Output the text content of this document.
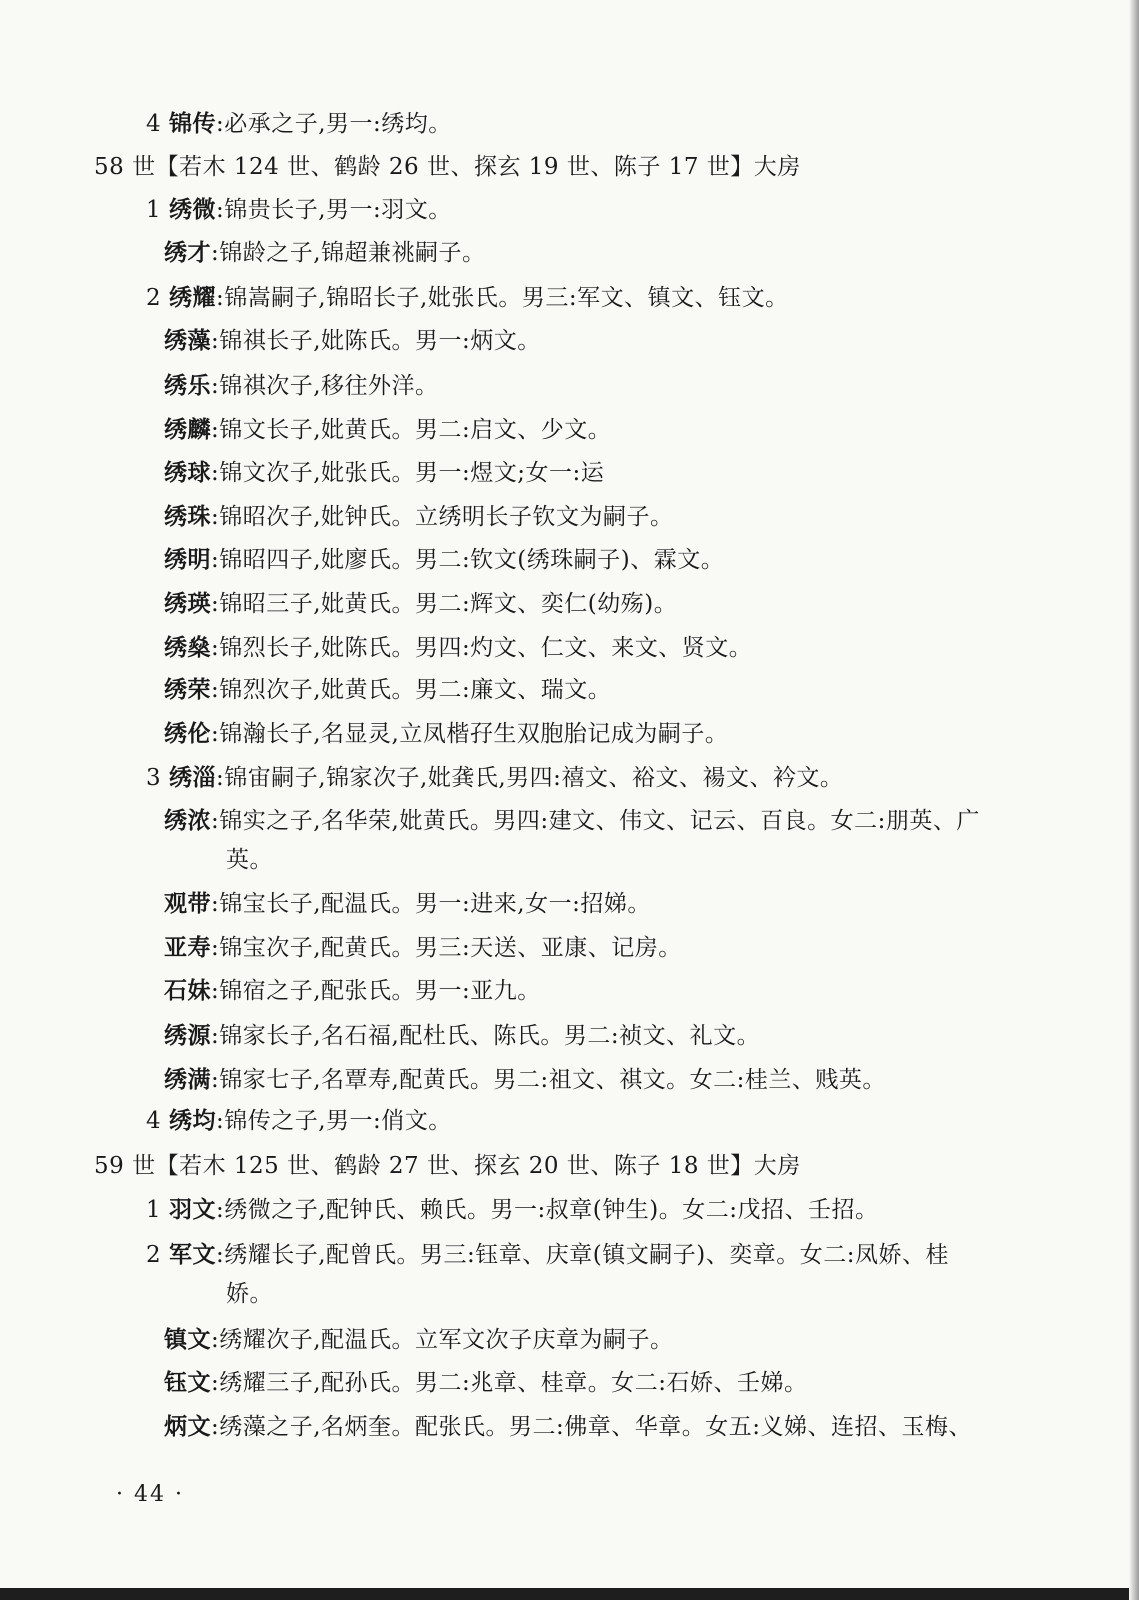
4 锦传:必承之子,男一:绣均。
58 世【若木 124 世、鹤龄 26 世、探玄 19 世、陈子 17 世】大房
1 绣微:锦贵长子,男一:羽文。
绣才:锦龄之子,锦超兼祧嗣子。
2 绣耀:锦嵩嗣子,锦昭长子,妣张氏。男三:军文、镇文、钰文。
绣藻:锦祺长子,妣陈氏。男一:炳文。
绣乐:锦祺次子,移往外洋。
绣麟:锦文长子,妣黄氏。男二:启文、少文。
绣球:锦文次子,妣张氏。男一:煜文;女一:运
绣珠:锦昭次子,妣钟氏。立绣明长子钦文为嗣子。
绣明:锦昭四子,妣廖氏。男二:钦文(绣珠嗣子)、霖文。
绣瑛:锦昭三子,妣黄氏。男二:辉文、奕仁(幼殇)。
绣燊:锦烈长子,妣陈氏。男四:灼文、仁文、来文、贤文。
绣荣:锦烈次子,妣黄氏。男二:廉文、瑞文。
绣伦:锦瀚长子,名显灵,立凤楷孖生双胞胎记成为嗣子。
3 绣淄:锦宙嗣子,锦家次子,妣龚氏,男四:禧文、裕文、禓文、衿文。
绣浓:锦实之子,名华荣,妣黄氏。男四:建文、伟文、记云、百良。女二:朋英、广
英。
观带:锦宝长子,配温氏。男一:进来,女一:招娣。
亚寿:锦宝次子,配黄氏。男三:天送、亚康、记房。
石妹:锦宿之子,配张氏。男一:亚九。
绣源:锦家长子,名石福,配杜氏、陈氏。男二:祯文、礼文。
绣满:锦家七子,名覃寿,配黄氏。男二:祖文、祺文。女二:桂兰、贱英。
4 绣均:锦传之子,男一:俏文。
59 世【若木 125 世、鹤龄 27 世、探玄 20 世、陈子 18 世】大房
1 羽文:绣微之子,配钟氏、赖氏。男一:叔章(钟生)。女二:戊招、壬招。
2 军文:绣耀长子,配曾氏。男三:钰章、庆章(镇文嗣子)、奕章。女二:凤娇、桂
娇。
镇文:绣耀次子,配温氏。立军文次子庆章为嗣子。
钰文:绣耀三子,配孙氏。男二:兆章、桂章。女二:石娇、壬娣。
炳文:绣藻之子,名炳奎。配张氏。男二:佛章、华章。女五:义娣、连招、玉梅、
· 44 ·
